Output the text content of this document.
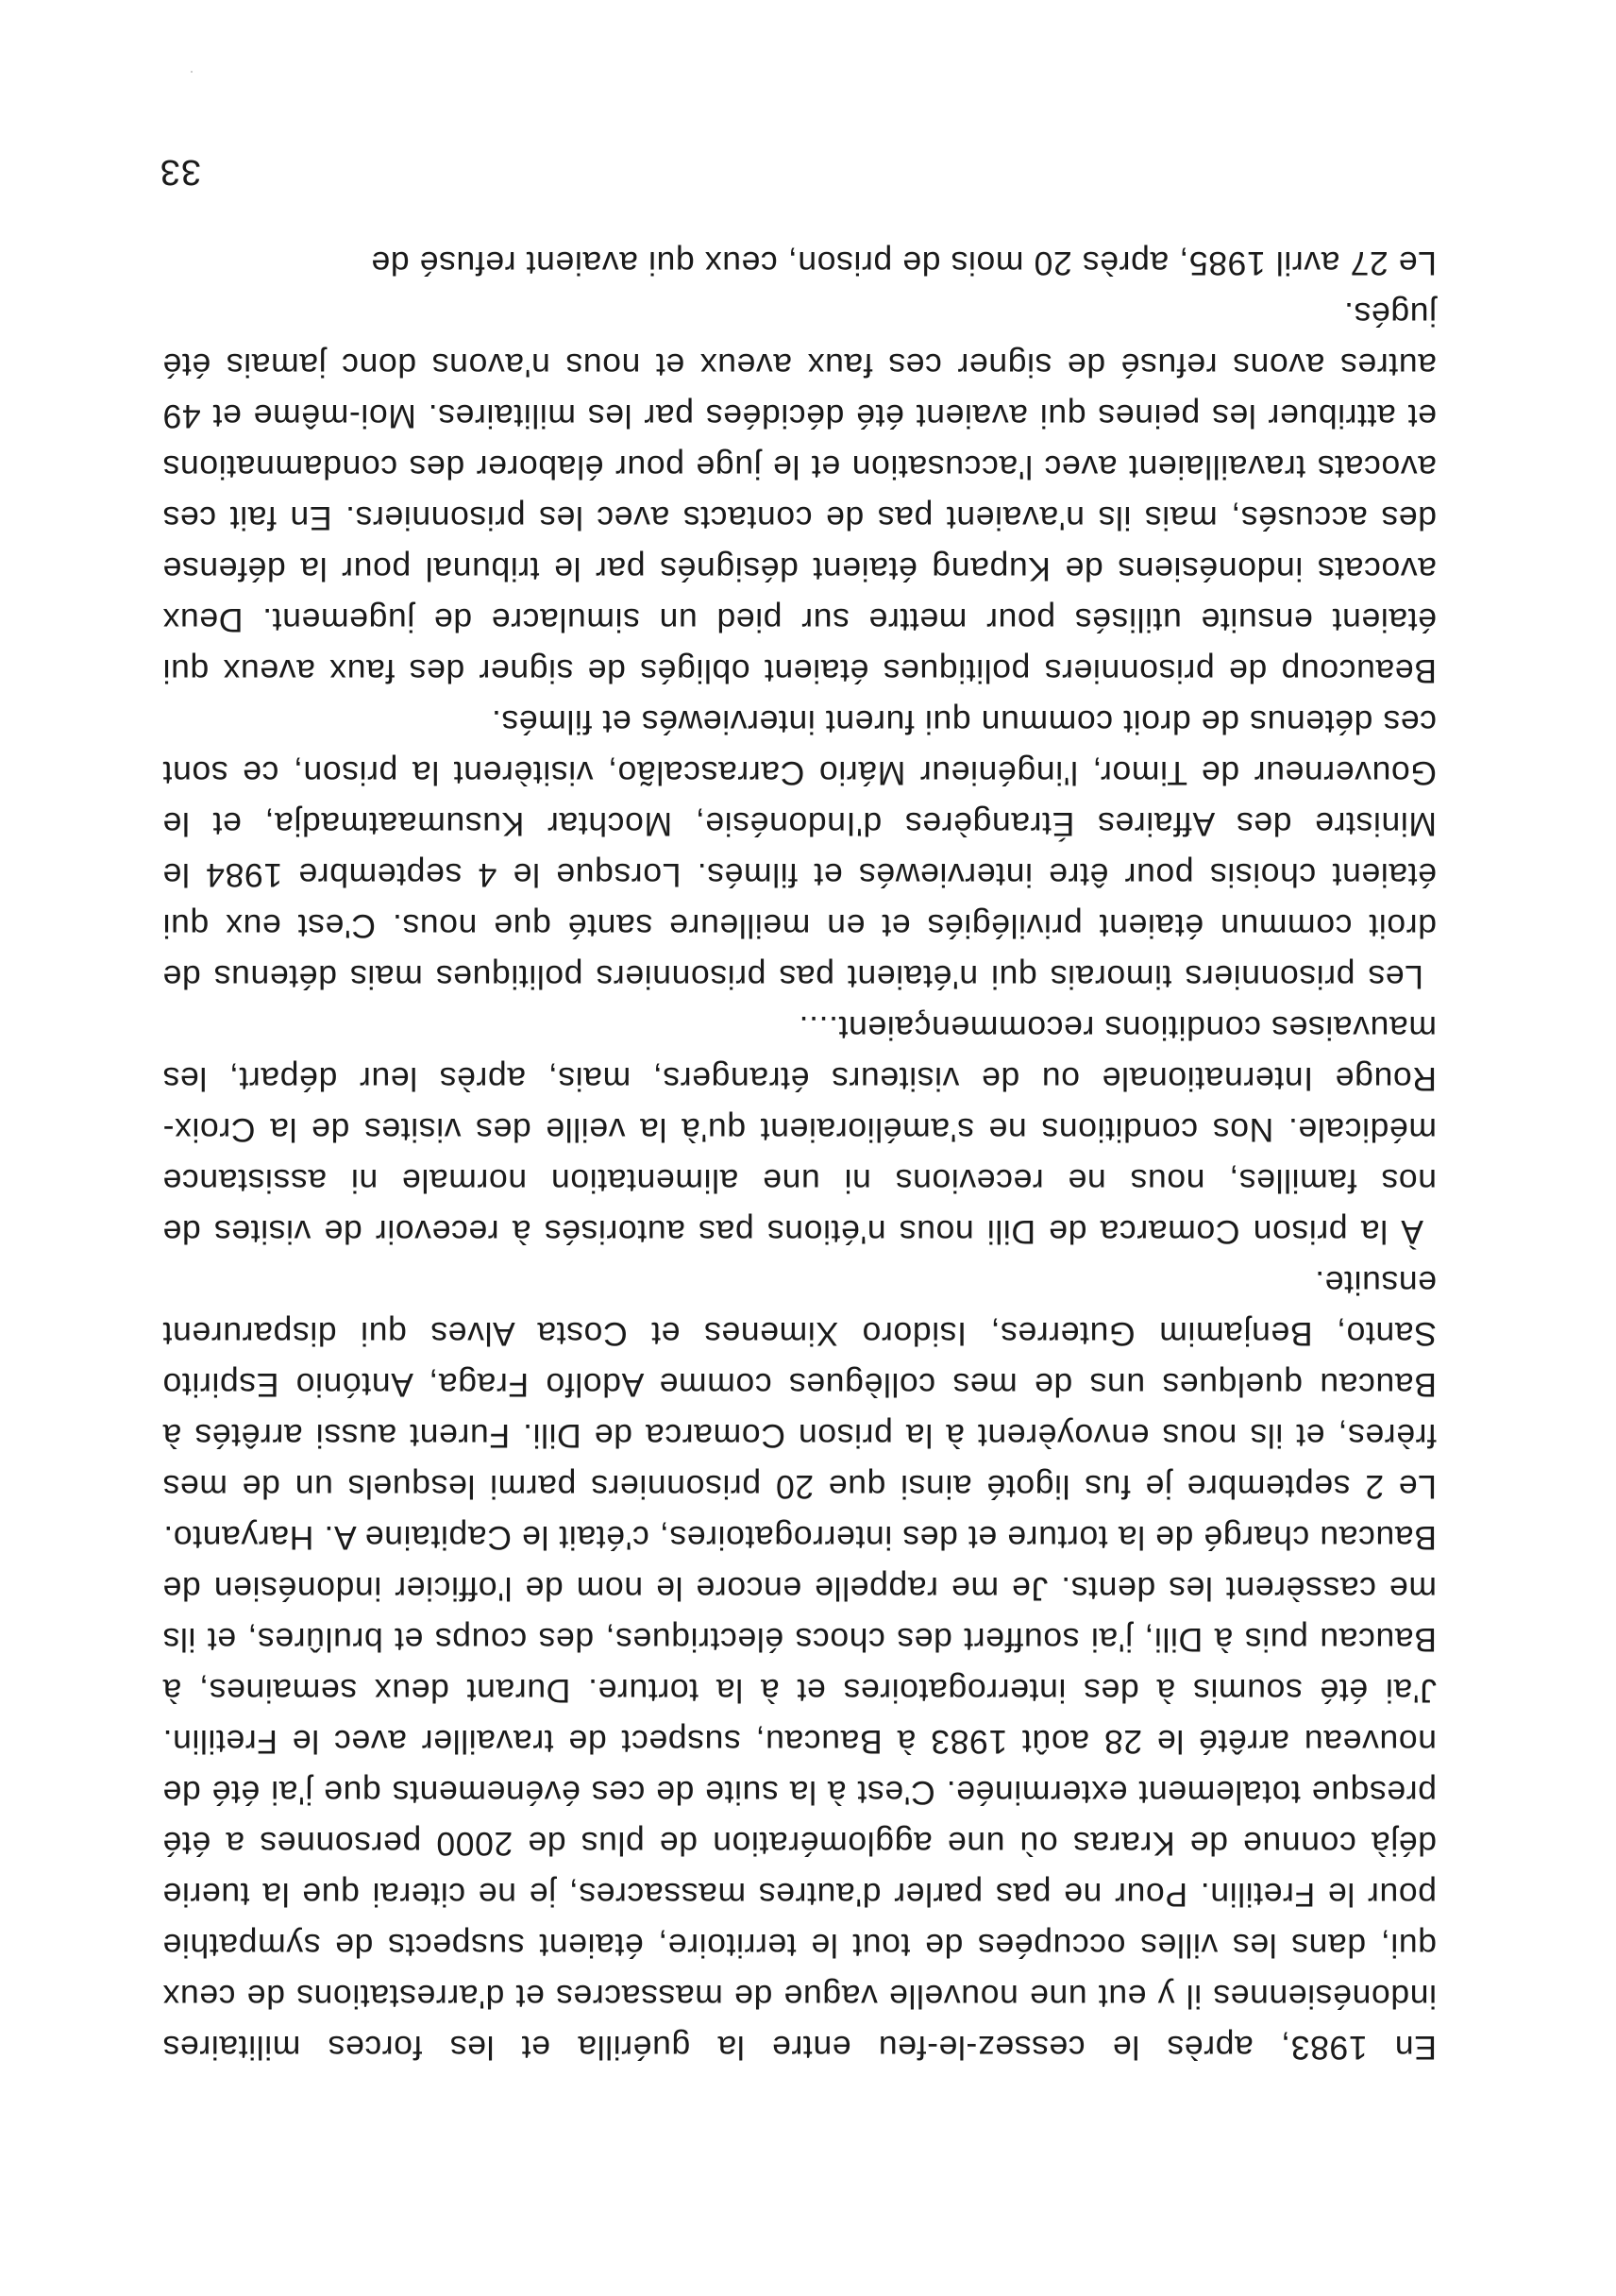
En 1983, après le cessez-le-feu entre la guérilla et les forces militaires indonésiennes il y eut une nouvelle vague de massacres et d'arrestations de ceux qui, dans les villes occupées de tout le territoire, étaient suspects de sympathie pour le Fretilin. Pour ne pas parler d'autres massacres, je ne citerai que la tuerie déjà connue de Kraras où une agglomération de plus de 2000 personnes a été presque totalement exterminée. C'est à la suite de ces événements que j'ai été de nouveau arrêté le 28 août 1983 à Baucau, suspect de travailler avec le Fretilin. J'ai été soumis à des interrogatoires et à la torture. Durant deux semaines, à Baucau puis à Dili, j'ai souffert des chocs électriques, des coups et brulûres, et ils me cassèrent les dents. Je me rappelle encore le nom de l'officier indonésien de Baucau chargé de la torture et des interrogatoires, c'était le Capitaine A. Haryanto.

Le 2 septembre je fus ligoté ainsi que 20 prisonniers parmi lesquels un de mes frères, et ils nous envoyèrent à la prison Comarca de Dili. Furent aussi arrêtés à Baucau quelques uns de mes collègues comme Adolfo Fraga, António Espirito Santo, Benjamim Guterres, Isidoro Ximenes et Costa Alves qui disparurent ensuite.

À la prison Comarca de Dili nous n'étions pas autorisés à recevoir de visites de nos familles, nous ne recevions ni une alimentation normale ni assistance médicale. Nos conditions ne s'amélioraient qu'à la veille des visites de la Croix-Rouge Internationale ou de visiteurs étrangers, mais, après leur départ, les mauvaises conditions recommençaient....

Les prisonniers timorais qui n'étaient pas prisonniers politiques mais détenus de droit commun étaient privilégiés et en meilleure santé que nous. C'est eux qui étaient choisis pour être interviewés et filmés. Lorsque le 4 septembre 1984 le Ministre des Affaires Étrangères d'Indonésie, Mochtar Kusumaatmadja, et le Gouverneur de Timor, l'ingénieur Mário Carrascalão, visitèrent la prison, ce sont ces détenus de droit commun qui furent interviewés et filmés.

Beaucoup de prisonniers politiques étaient obligés de signer des faux aveux qui étaient ensuite utilisés pour mettre sur pied un simulacre de jugement. Deux avocats indonésiens de Kupang étaient désignés par le tribunal pour la défense des accusés, mais ils n'avaient pas de contacts avec les prisonniers. En fait ces avocats travaillaient avec l'accusation et le juge pour élaborer des condamnations et attribuer les peines qui avaient été décidées par les militaires. Moi-même et 49 autres avons refusé de signer ces faux aveux et nous n'avons donc jamais été jugés.

Le 27 avril 1985, après 20 mois de prison, ceux qui avaient refusé de

33
